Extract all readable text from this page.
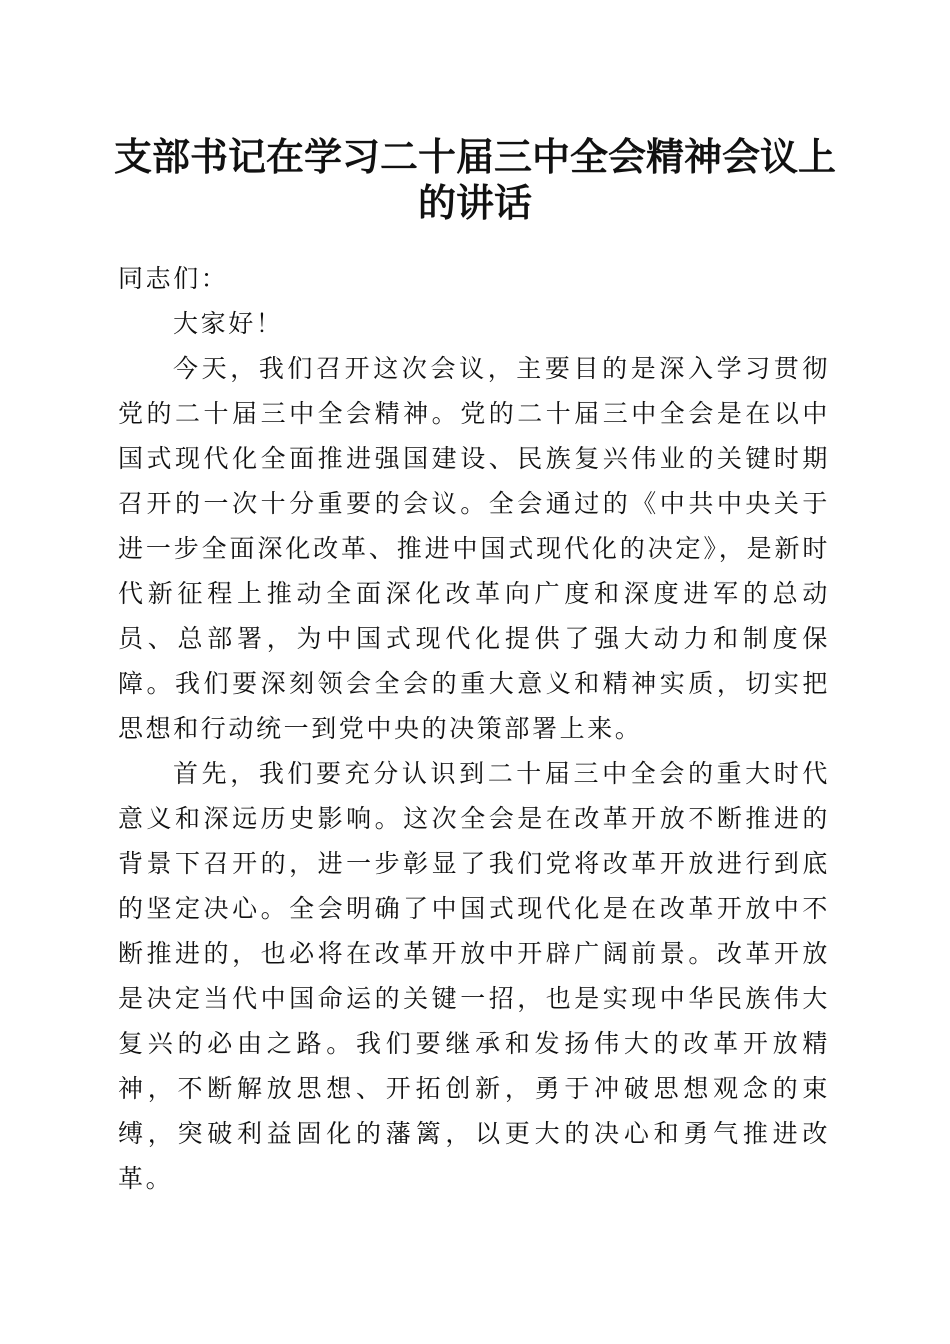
支部书记在学习二十届三中全会精神会议上的讲话

同志们：

大家好！

今天，我们召开这次会议，主要目的是深入学习贯彻党的二十届三中全会精神。党的二十届三中全会是在以中国式现代化全面推进强国建设、民族复兴伟业的关键时期召开的一次十分重要的会议。全会通过的《中共中央关于进一步全面深化改革、推进中国式现代化的决定》，是新时代新征程上推动全面深化改革向广度和深度进军的总动员、总部署，为中国式现代化提供了强大动力和制度保障。我们要深刻领会全会的重大意义和精神实质，切实把思想和行动统一到党中央的决策部署上来。

首先，我们要充分认识到二十届三中全会的重大时代意义和深远历史影响。这次全会是在改革开放不断推进的背景下召开的，进一步彰显了我们党将改革开放进行到底的坚定决心。全会明确了中国式现代化是在改革开放中不断推进的，也必将在改革开放中开辟广阔前景。改革开放是决定当代中国命运的关键一招，也是实现中华民族伟大复兴的必由之路。我们要继承和发扬伟大的改革开放精神，不断解放思想、开拓创新，勇于冲破思想观念的束缚，突破利益固化的藩篱，以更大的决心和勇气推进改革。
